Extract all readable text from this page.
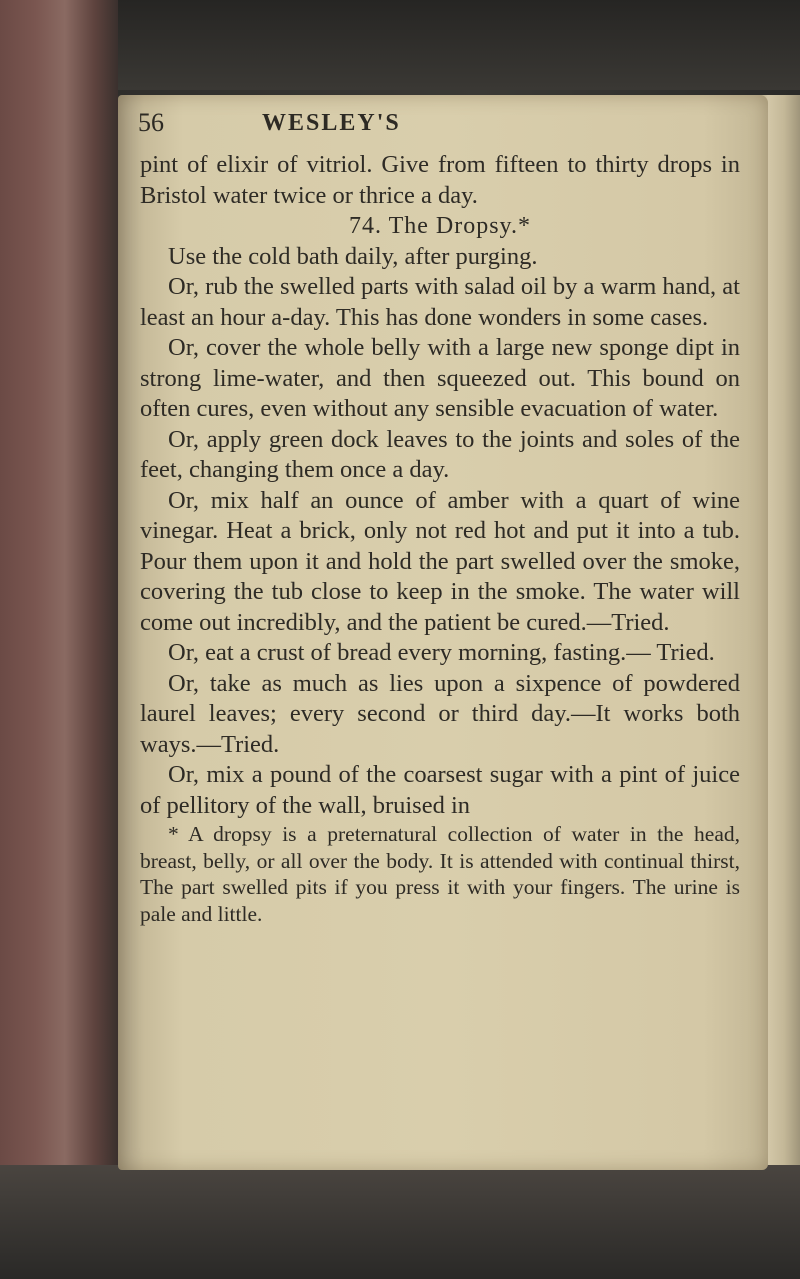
56	WESLEY'S

pint of elixir of vitriol. Give from fifteen to thirty drops in Bristol water twice or thrice a day.

74. The Dropsy.*

Use the cold bath daily, after purging.

Or, rub the swelled parts with salad oil by a warm hand, at least an hour a-day. This has done wonders in some cases.

Or, cover the whole belly with a large new sponge dipt in strong lime-water, and then squeezed out. This bound on often cures, even without any sensible evacuation of water.

Or, apply green dock leaves to the joints and soles of the feet, changing them once a day.

Or, mix half an ounce of amber with a quart of wine vinegar. Heat a brick, only not red hot and put it into a tub. Pour them upon it and hold the part swelled over the smoke, covering the tub close to keep in the smoke. The water will come out incredibly, and the patient be cured.—Tried.

Or, eat a crust of bread every morning, fasting.— Tried.

Or, take as much as lies upon a sixpence of powdered laurel leaves; every second or third day.—It works both ways.—Tried.

Or, mix a pound of the coarsest sugar with a pint of juice of pellitory of the wall, bruised in

* A dropsy is a preternatural collection of water in the head, breast, belly, or all over the body. It is attended with continual thirst, The part swelled pits if you press it with your fingers. The urine is pale and little.
